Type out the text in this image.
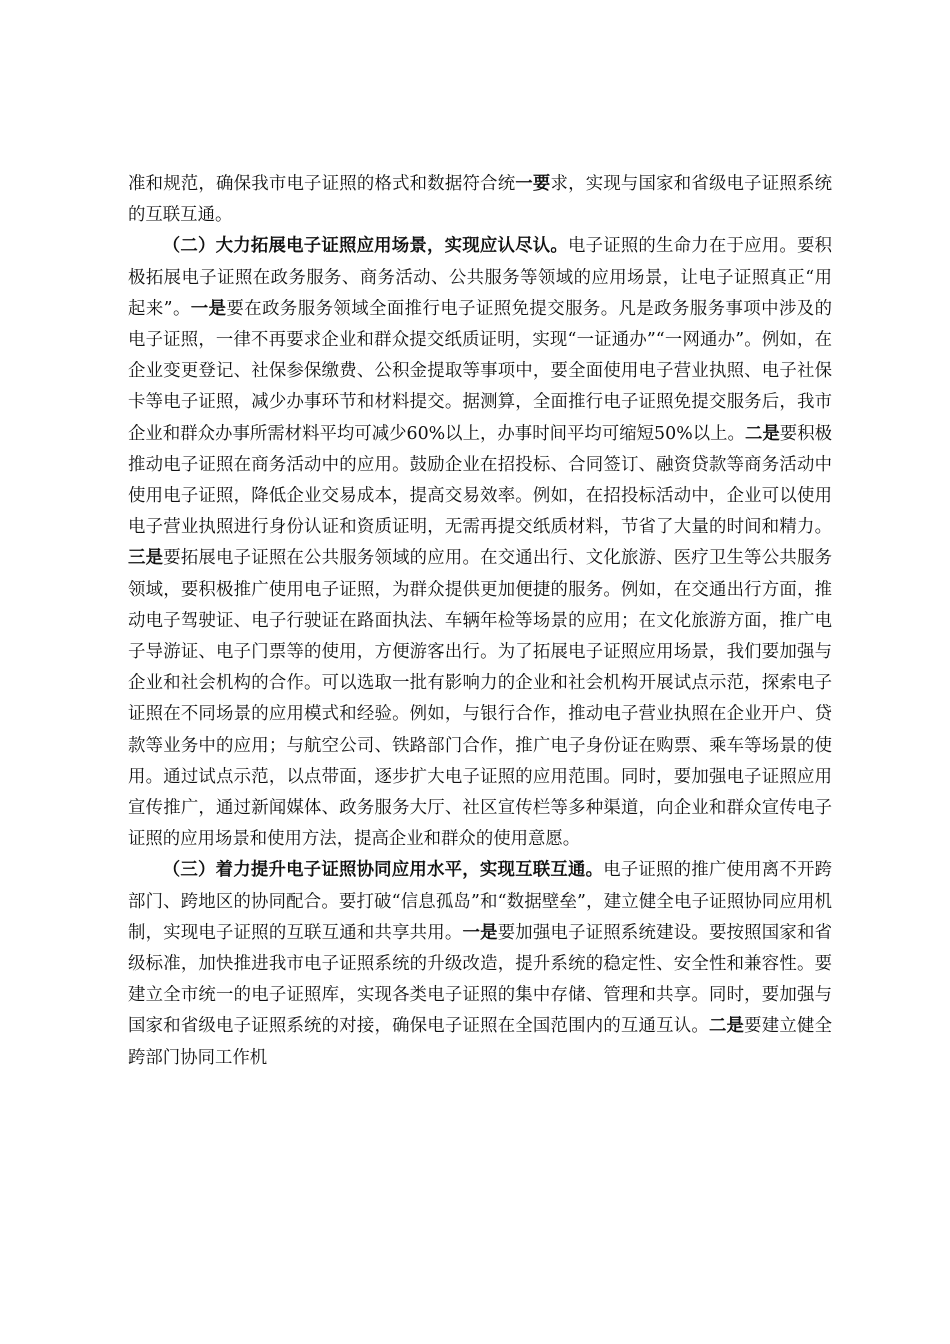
准和规范，确保我市电子证照的格式和数据符合统一要求，实现与国家和省级电子证照系统的互联互通。

（二）大力拓展电子证照应用场景，实现应认尽认。电子证照的生命力在于应用。要积极拓展电子证照在政务服务、商务活动、公共服务等领域的应用场景，让电子证照真正“用起来”。一是要在政务服务领域全面推行电子证照免提交服务。凡是政务服务事项中涉及的电子证照，一律不再要求企业和群众提交纸质证明，实现“一证通办”“一网通办”。例如，在企业变更登记、社保参保缴费、公积金提取等事项中，要全面使用电子营业执照、电子社保卡等电子证照，减少办事环节和材料提交。据测算，全面推行电子证照免提交服务后，我市企业和群众办事所需材料平均可减少60%以上，办事时间平均可缩短50%以上。二是要积极推动电子证照在商务活动中的应用。鼓励企业在招投标、合同签订、融资贷款等商务活动中使用电子证照，降低企业交易成本，提高交易效率。例如，在招投标活动中，企业可以使用电子营业执照进行身份认证和资质证明，无需再提交纸质材料，节省了大量的时间和精力。三是要拓展电子证照在公共服务领域的应用。在交通出行、文化旅游、医疗卫生等公共服务领域，要积极推广使用电子证照，为群众提供更加便捷的服务。例如，在交通出行方面，推动电子驾驶证、电子行驶证在路面执法、车辆年检等场景的应用；在文化旅游方面，推广电子导游证、电子门票等的使用，方便游客出行。为了拓展电子证照应用场景，我们要加强与企业和社会机构的合作。可以选取一批有影响力的企业和社会机构开展试点示范，探索电子证照在不同场景的应用模式和经验。例如，与银行合作，推动电子营业执照在企业开户、贷款等业务中的应用；与航空公司、铁路部门合作，推广电子身份证在购票、乘车等场景的使用。通过试点示范，以点带面，逐步扩大电子证照的应用范围。同时，要加强电子证照应用宣传推广，通过新闻媒体、政务服务大厅、社区宣传栏等多种渠道，向企业和群众宣传电子证照的应用场景和使用方法，提高企业和群众的使用意愿。

（三）着力提升电子证照协同应用水平，实现互联互通。电子证照的推广使用离不开跨部门、跨地区的协同配合。要打破“信息孤岛”和“数据壁垒”，建立健全电子证照协同应用机制，实现电子证照的互联互通和共享共用。一是要加强电子证照系统建设。要按照国家和省级标准，加快推进我市电子证照系统的升级改造，提升系统的稳定性、安全性和兼容性。要建立全市统一的电子证照库，实现各类电子证照的集中存储、管理和共享。同时，要加强与国家和省级电子证照系统的对接，确保电子证照在全国范围内的互通互认。二是要建立健全跨部门协同工作机
